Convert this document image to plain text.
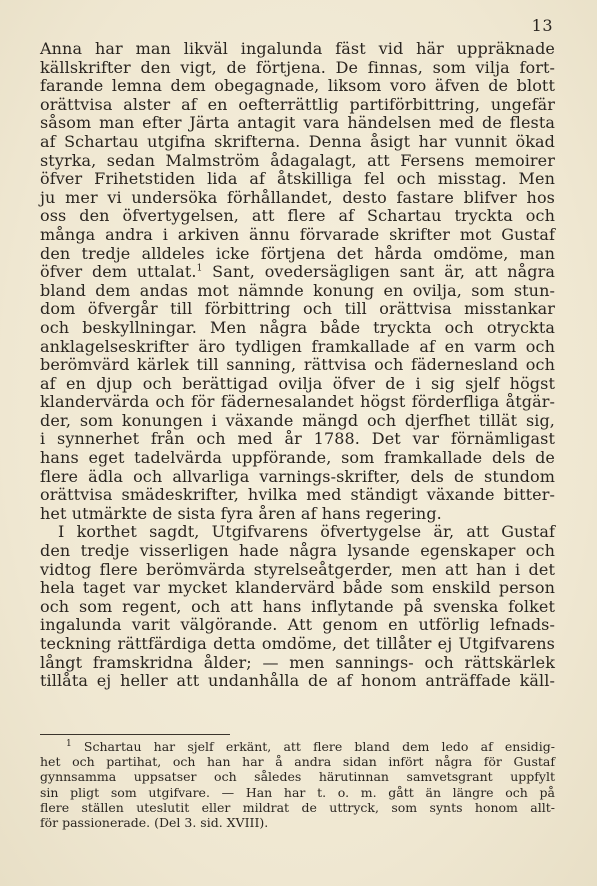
13
Anna har man likväl ingalunda fäst vid här uppräknade
källskrifter den vigt, de förtjena. De finnas, som vilja fort-
farande lemna dem obegagnade, liksom voro äfven de blott
orättvisa alster af en oefterrättlig partiförbittring, ungefär
såsom man efter Järta antagit vara händelsen med de flesta
af Schartau utgifna skrifterna. Denna åsigt har vunnit ökad
styrka, sedan Malmström ådagalagt, att Fersens memoirer
öfver Frihetstiden lida af åtskilliga fel och misstag. Men
ju mer vi undersöka förhållandet, desto fastare blifver hos
oss den öfvertygelsen, att flere af Schartau tryckta och
många andra i arkiven ännu förvarade skrifter mot Gustaf
den tredje alldeles icke förtjena det hårda omdöme, man
öfver dem uttalat.$^1$ Sant, ovedersägligen sant är, att några
bland dem andas mot nämnde konung en ovilja, som stun-
dom öfvergår till förbittring och till orättvisa misstankar
och beskyllningar. Men några både tryckta och otryckta
anklagelseskrifter äro tydligen framkallade af en varm och
berömvärd kärlek till sanning, rättvisa och fädernesland och
af en djup och berättigad ovilja öfver de i sig sjelf högst
klandervärda och för fädernesalandet högst förderfliga åtgär-
der, som konungen i växande mängd och djerfhet tillät sig,
i synnerhet från och med år 1788. Det var förnämligast
hans eget tadelvärda uppförande, som framkallade dels de
flere ädla och allvarliga varnings-skrifter, dels de stundom
orättvisa smädeskrifter, hvilka med ständigt växande bitter-
het utmärkte de sista fyra åren af hans regering.
I korthet sagdt, Utgifvarens öfvertygelse är, att Gustaf
den tredje visserligen hade några lysande egenskaper och
vidtog flere berömvärda styrelseåtgerder, men att han i det
hela taget var mycket klandervärd både som enskild person
och som regent, och att hans inflytande på svenska folket
ingalunda varit välgörande. Att genom en utförlig lefnads-
teckning rättfärdiga detta omdöme, det tillåter ej Utgifvarens
långt framskridna ålder; — men sannings- och rättskärlek
tillåta ej heller att undanhålla de af honom anträffade käll-
$^1$ Schartau har sjelf erkänt, att flere bland dem ledo af ensidig-
het och partihat, och han har å andra sidan infört några för Gustaf
gynnsamma uppsatser och således härutinnan samvetsgrant uppfylt
sin pligt som utgifvare. — Han har t. o. m. gått än längre och på
flere ställen uteslutit eller mildrat de uttryck, som synts honom allt-
för passionerade. (Del 3. sid. XVIII).
